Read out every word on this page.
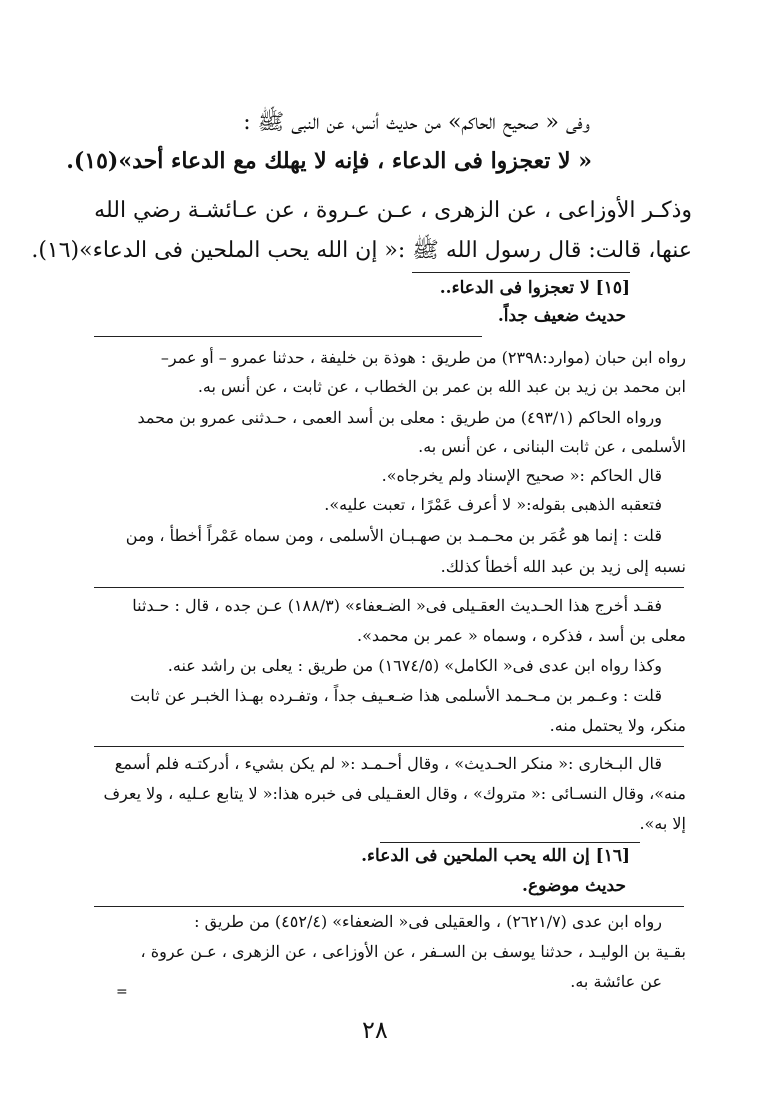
وفى « صحيح الحاكم» من حديث أنس، عن النبى ﷺ :
« لا تعجزوا فى الدعاء ، فإنه لا يهلك مع الدعاء أحد»(١٥).
وذكـر الأوزاعى ، عن الزهرى ، عـن عـروة ، عن عـائشـة رضي الله
عنها، قالت: قال رسول الله ﷺ :« إن الله يحب الملحين فى الدعاء»(١٦).
[١٥] لا تعجزوا فى الدعاء..
حديث ضعيف جداً.
رواه ابن حبان (موارد:٢٣٩٨) من طريق : هوذة بن خليفة ، حدثنا عمرو – أو عمر–
ابن محمد بن زيد بن عبد الله بن عمر بن الخطاب ، عن ثابت ، عن أنس به.
ورواه الحاكم (٤٩٣/١) من طريق : معلى بن أسد العمى ، حـدثنى عمرو بن محمد
الأسلمى ، عن ثابت البنانى ، عن أنس به.
قال الحاكم :« صحيح الإسناد ولم يخرجاه».
فتعقبه الذهبى بقوله:« لا أعرف عَمْرًا ، تعبت عليه».
قلت : إنما هو عُمَر بن محـمـد بن صهـبـان الأسلمى ، ومن سماه عَمْراً أخطأ ، ومن
نسبه إلى زيد بن عبد الله أخطأ كذلك.
فقـد أخرج هذا الحـديث العقـيلى فى« الضـعفاء» (١٨٨/٣) عـن جده ، قال : حـدثنا
معلى بن أسد ، فذكره ، وسماه « عمر بن محمد».
وكذا رواه ابن عدى فى« الكامل» (١٦٧٤/٥) من طريق : يعلى بن راشد عنه.
قلت : وعـمر بن مـحـمد الأسلمى هذا ضـعـيف جداً ، وتفـرده بهـذا الخبـر عن ثابت
منكر، ولا يحتمل منه.
قال البـخارى :« منكر الحـديث» ، وقال أحـمـد :« لم يكن بشيء ، أدركتـه فلم أسمع
منه»، وقال النسـائى :« متروك» ، وقال العقـيلى فى خبره هذا:« لا يتابع عـليه ، ولا يعرف
إلا به».
[١٦] إن الله يحب الملحين فى الدعاء.
حديث موضوع.
رواه ابن عدى (٢٦٢١/٧) ، والعقيلى فى« الضعفاء» (٤٥٢/٤) من طريق :
بقـية بن الوليـد ، حدثنا يوسف بن السـفر ، عن الأوزاعى ، عن الزهرى ، عـن عروة ،
عن عائشة به.
=
٢٨
